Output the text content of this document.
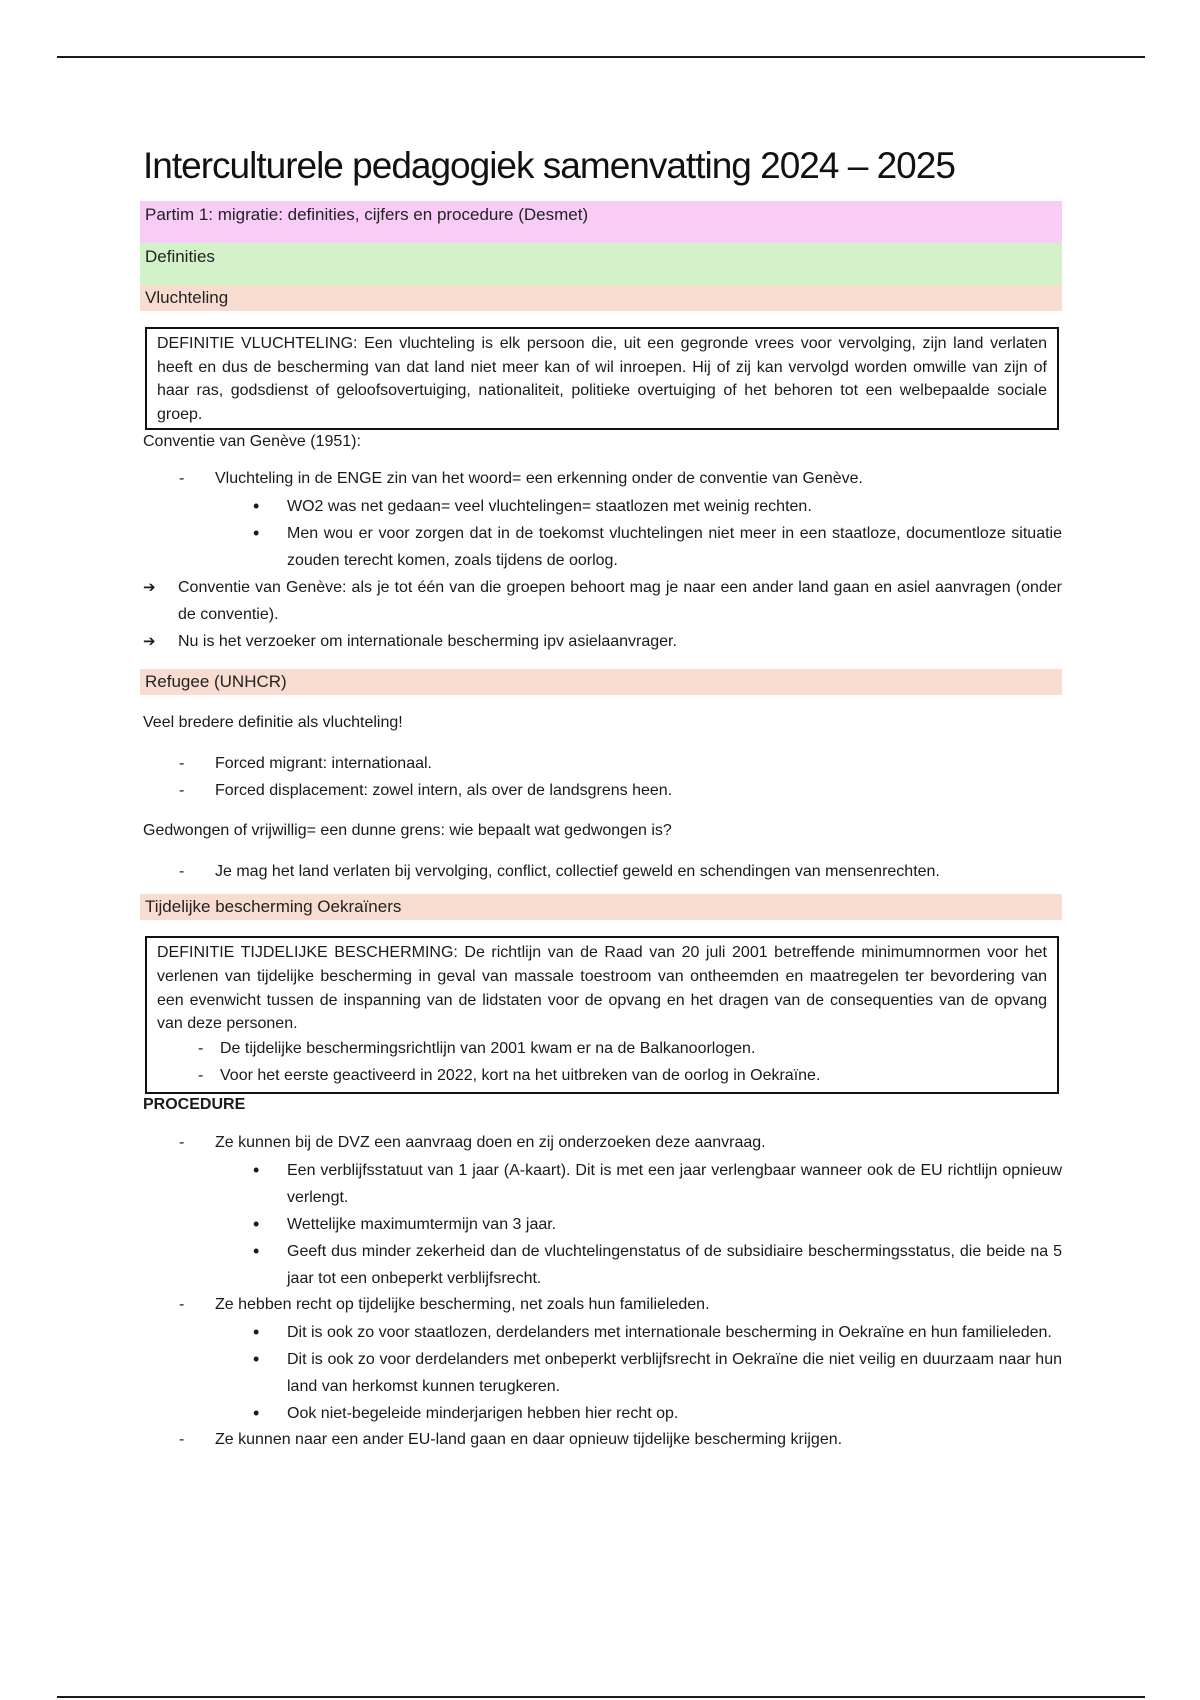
Interculturele pedagogiek samenvatting 2024 – 2025
Partim 1: migratie: definities, cijfers en procedure (Desmet)
Definities
Vluchteling
DEFINITIE VLUCHTELING: Een vluchteling is elk persoon die, uit een gegronde vrees voor vervolging, zijn land verlaten heeft en dus de bescherming van dat land niet meer kan of wil inroepen. Hij of zij kan vervolgd worden omwille van zijn of haar ras, godsdienst of geloofsovertuiging, nationaliteit, politieke overtuiging of het behoren tot een welbepaalde sociale groep.

Conventie van Genève (1951):

- Vluchteling in de ENGE zin van het woord= een erkenning onder de conventie van Genève.
• WO2 was net gedaan= veel vluchtelingen= staatlozen met weinig rechten.
• Men wou er voor zorgen dat in de toekomst vluchtelingen niet meer in een staatloze, documentloze situatie zouden terecht komen, zoals tijdens de oorlog.
➔ Conventie van Genève: als je tot één van die groepen behoort mag je naar een ander land gaan en asiel aanvragen (onder de conventie).
➔ Nu is het verzoeker om internationale bescherming ipv asielaanvrager.
Refugee (UNHCR)

Veel bredere definitie als vluchteling!

- Forced migrant: internationaal.
- Forced displacement: zowel intern, als over de landsgrens heen.

Gedwongen of vrijwillig= een dunne grens: wie bepaalt wat gedwongen is?

- Je mag het land verlaten bij vervolging, conflict, collectief geweld en schendingen van mensenrechten.
Tijdelijke bescherming Oekraïners
DEFINITIE TIJDELIJKE BESCHERMING: De richtlijn van de Raad van 20 juli 2001 betreffende minimumnormen voor het verlenen van tijdelijke bescherming in geval van massale toestroom van ontheemden en maatregelen ter bevordering van een evenwicht tussen de inspanning van de lidstaten voor de opvang en het dragen van de consequenties van de opvang van deze personen.
- De tijdelijke beschermingsrichtlijn van 2001 kwam er na de Balkanoorlogen.
- Voor het eerste geactiveerd in 2022, kort na het uitbreken van de oorlog in Oekraïne.

PROCEDURE

- Ze kunnen bij de DVZ een aanvraag doen en zij onderzoeken deze aanvraag.
• Een verblijfsstatuut van 1 jaar (A-kaart). Dit is met een jaar verlengbaar wanneer ook de EU richtlijn opnieuw verlengt.
• Wettelijke maximumtermijn van 3 jaar.
• Geeft dus minder zekerheid dan de vluchtelingenstatus of de subsidiaire beschermingsstatus, die beide na 5 jaar tot een onbeperkt verblijfsrecht.
- Ze hebben recht op tijdelijke bescherming, net zoals hun familieleden.
• Dit is ook zo voor staatlozen, derdelanders met internationale bescherming in Oekraïne en hun familieleden.
• Dit is ook zo voor derdelanders met onbeperkt verblijfsrecht in Oekraïne die niet veilig en duurzaam naar hun land van herkomst kunnen terugkeren.
• Ook niet-begeleide minderjarigen hebben hier recht op.
- Ze kunnen naar een ander EU-land gaan en daar opnieuw tijdelijke bescherming krijgen.
